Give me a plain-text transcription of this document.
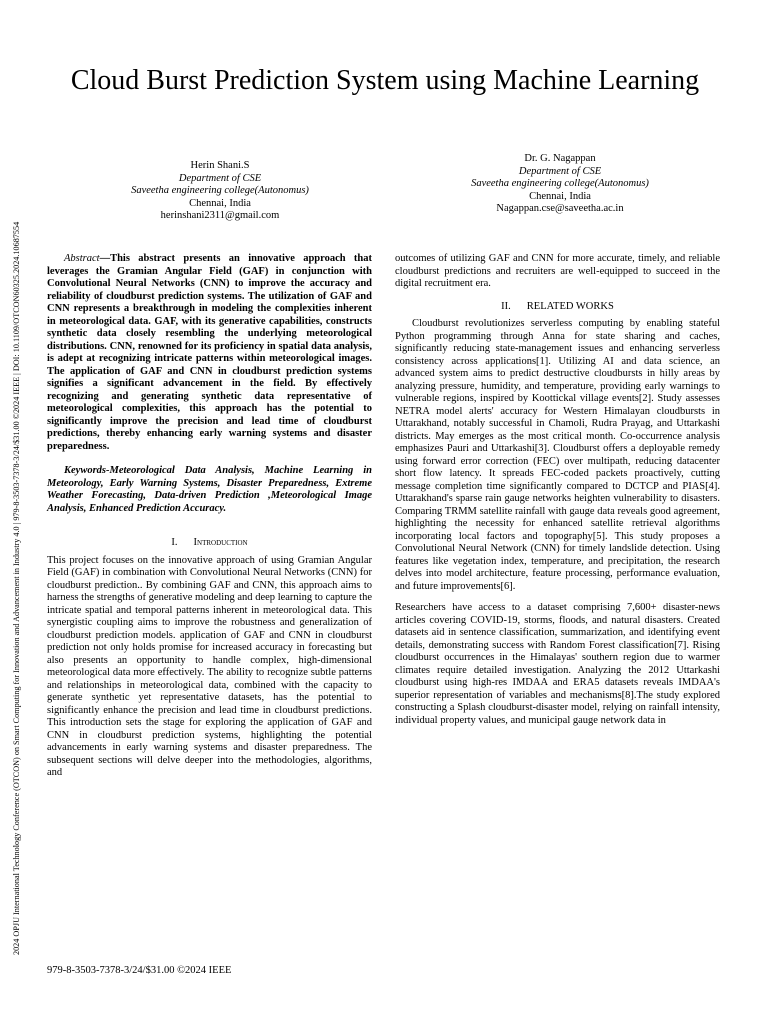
2024 OPJU International Technology Conference (OTCON) on Smart Computing for Innovation and Advancement in Industry 4.0 | 979-8-3503-7378-3/24/$31.00 ©2024 IEEE | DOI: 10.1109/OTCON60325.2024.10687554
Cloud Burst Prediction System using Machine Learning
Herin Shani.S
Department of CSE
Saveetha engineering college(Autonomus)
Chennai, India
herinshani2311@gmail.com
Dr. G. Nagappan
Department of CSE
Saveetha engineering college(Autonomus)
Chennai, India
Nagappan.cse@saveetha.ac.in

Abstract—This abstract presents an innovative approach that leverages the Gramian Angular Field (GAF) in conjunction with Convolutional Neural Networks (CNN) to improve the accuracy and reliability of cloudburst prediction systems. The utilization of GAF and CNN represents a breakthrough in modeling the complexities inherent in meteorological data. GAF, with its generative capabilities, constructs synthetic data closely resembling the underlying meteorological distributions. CNN, renowned for its proficiency in spatial data analysis, is adept at recognizing intricate patterns within meteorological images. The application of GAF and CNN in cloudburst prediction systems signifies a significant advancement in the field. By effectively recognizing and generating synthetic data representative of meteorological complexities, this approach has the potential to significantly improve the precision and lead time of cloudburst predictions, thereby enhancing early warning systems and disaster preparedness.

Keywords-Meteorological Data Analysis, Machine Learning in Meteorology, Early Warning Systems, Disaster Preparedness, Extreme Weather Forecasting, Data-driven Prediction ,Meteorological Image Analysis, Enhanced Prediction Accuracy.

I. Introduction

This project focuses on the innovative approach of using Gramian Angular Field (GAF) in combination with Convolutional Neural Networks (CNN) for cloudburst prediction.. By combining GAF and CNN, this approach aims to harness the strengths of generative modeling and deep learning to capture the intricate spatial and temporal patterns inherent in meteorological data. This synergistic coupling aims to improve the robustness and generalization of cloudburst prediction models. application of GAF and CNN in cloudburst prediction not only holds promise for increased accuracy in forecasting but also presents an opportunity to handle complex, high-dimensional meteorological data more effectively. The ability to recognize subtle patterns and relationships in meteorological data, combined with the capacity to generate synthetic yet representative datasets, has the potential to significantly enhance the precision and lead time in cloudburst predictions. This introduction sets the stage for exploring the application of GAF and CNN in cloudburst prediction systems, highlighting the potential advancements in early warning systems and disaster preparedness. The subsequent sections will delve deeper into the methodologies, algorithms, and

outcomes of utilizing GAF and CNN for more accurate, timely, and reliable cloudburst predictions and recruiters are well-equipped to succeed in the digital recruitment era.

II. RELATED WORKS

Cloudburst revolutionizes serverless computing by enabling stateful Python programming through Anna for state sharing and caches, significantly reducing state-management issues and enhancing serverless consistency across applications[1]. Utilizing AI and data science, an advanced system aims to predict destructive cloudbursts in hilly areas by analyzing pressure, humidity, and temperature, providing early warnings to vulnerable regions, inspired by Koottickal village events[2]. Study assesses NETRA model alerts' accuracy for Western Himalayan cloudbursts in Uttarakhand, notably successful in Chamoli, Rudra Prayag, and Uttarkashi districts. May emerges as the most critical month. Co-occurrence analysis emphasizes Pauri and Uttarkashi[3]. Cloudburst offers a deployable remedy using forward error correction (FEC) over multipath, reducing datacenter short flow latency. It spreads FEC-coded packets proactively, cutting message completion time significantly compared to DCTCP and PIAS[4]. Uttarakhand's sparse rain gauge networks heighten vulnerability to disasters. Comparing TRMM satellite rainfall with gauge data reveals good agreement, highlighting the necessity for enhanced satellite retrieval algorithms incorporating local factors and topography[5]. This study proposes a Convolutional Neural Network (CNN) for timely landslide detection. Using features like vegetation index, temperature, and precipitation, the research delves into model architecture, feature processing, performance evaluation, and future improvements[6].

Researchers have access to a dataset comprising 7,600+ disaster-news articles covering COVID-19, storms, floods, and natural disasters. Created datasets aid in sentence classification, summarization, and identifying event details, demonstrating success with Random Forest classification[7]. Rising cloudburst occurrences in the Himalayas' southern region due to warmer climates require detailed investigation. Analyzing the 2012 Uttarkashi cloudburst using high-res IMDAA and ERA5 datasets reveals IMDAA's superior representation of variables and mechanisms[8].The study explored constructing a Splash cloudburst-disaster model, relying on rainfall intensity, individual property values, and municipal gauge network data in

979-8-3503-7378-3/24/$31.00 ©2024 IEEE
